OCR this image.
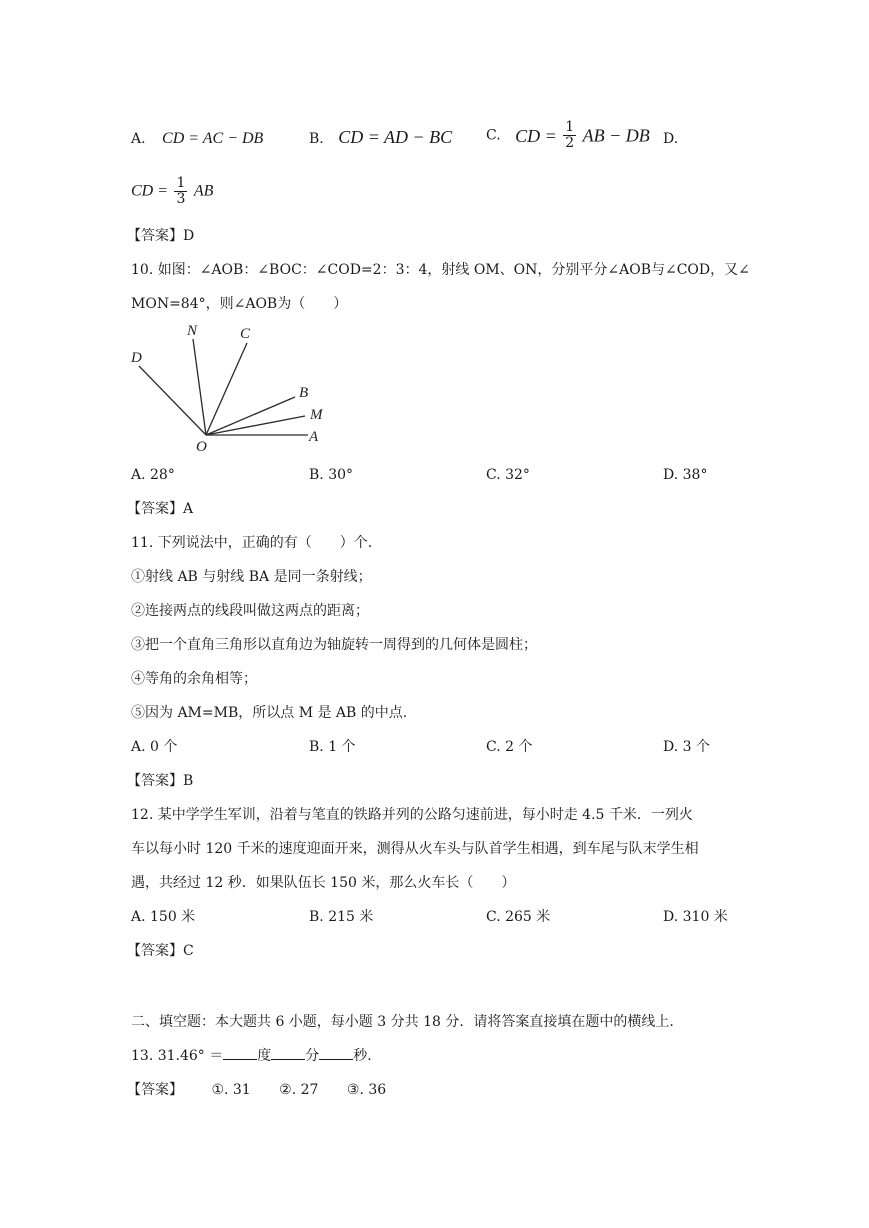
A. CD = AC − DB	B. CD = AD − BC C. CD = $\frac{1}{2}$ AB − DB D.
CD = $\frac{1}{3}$ AB
【答案】D
10. 如图：∠AOB：∠BOC：∠COD=2：3：4，射线 OM、ON，分别平分∠AOB与∠COD，又∠
MON=84°，则∠AOB为（　　）
D
N	C
B
M
O
A
A. 28°	B. 30°	C. 32°	D. 38°
【答案】A
11. 下列说法中，正确的有（　　）个.
①射线 AB 与射线 BA 是同一条射线；
②连接两点的线段叫做这两点的距离；
③把一个直角三角形以直角边为轴旋转一周得到的几何体是圆柱；
④等角的余角相等；
⑤因为 AM=MB，所以点 M 是 AB 的中点.
A. 0 个	B. 1 个	C. 2 个	D. 3 个
【答案】B
12. 某中学学生军训，沿着与笔直的铁路并列的公路匀速前进，每小时走 4.5 千米．一列火
车以每小时 120 千米的速度迎面开来，测得从火车头与队首学生相遇，到车尾与队末学生相
遇，共经过 12 秒．如果队伍长 150 米，那么火车长（　　）
A. 150 米	B. 215 米	C. 265 米	D. 310 米
【答案】C
二、填空题：本大题共 6 小题，每小题 3 分共 18 分．请将答案直接填在题中的横线上.
13. 31.46° ＝ 度 分 秒.
【答案】 ①. 31 ②. 27 ③. 36
